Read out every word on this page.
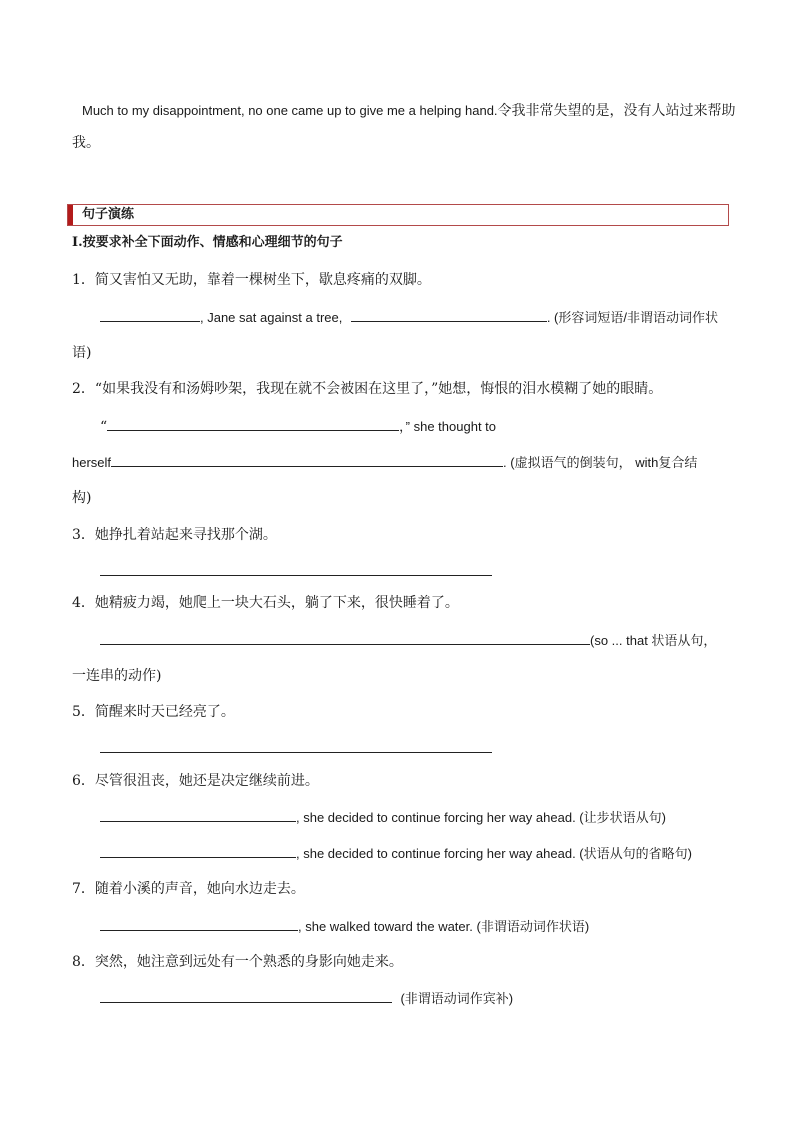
Much to my disappointment, no one came up to give me a helping hand.令我非常失望的是，没有人站过来帮助
我。
句子演练
Ⅰ.按要求补全下面动作、情感和心理细节的句子
1．简又害怕又无助，靠着一棵树坐下，歇息疼痛的双脚。
, Jane sat against a tree,	. (形容词短语/非谓语动词作状
语)
2．“如果我没有和汤姆吵架，我现在就不会被困在这里了，”她想，悔恨的泪水模糊了她的眼睛。
“	，” she thought to
herself	. (虚拟语气的倒装句， with复合结
构)
3．她挣扎着站起来寻找那个湖。
4．她精疲力竭，她爬上一块大石头，躺了下来，很快睡着了。
(so ... that 状语从句，
一连串的动作)
5．简醒来时天已经亮了。
6．尽管很沮丧，她还是决定继续前进。
, she decided to continue forcing her way ahead. (让步状语从句)
, she decided to continue forcing her way ahead. (状语从句的省略句)
7．随着小溪的声音，她向水边走去。
, she walked toward the water. (非谓语动词作状语)
8．突然，她注意到远处有一个熟悉的身影向她走来。
(非谓语动词作宾补)
